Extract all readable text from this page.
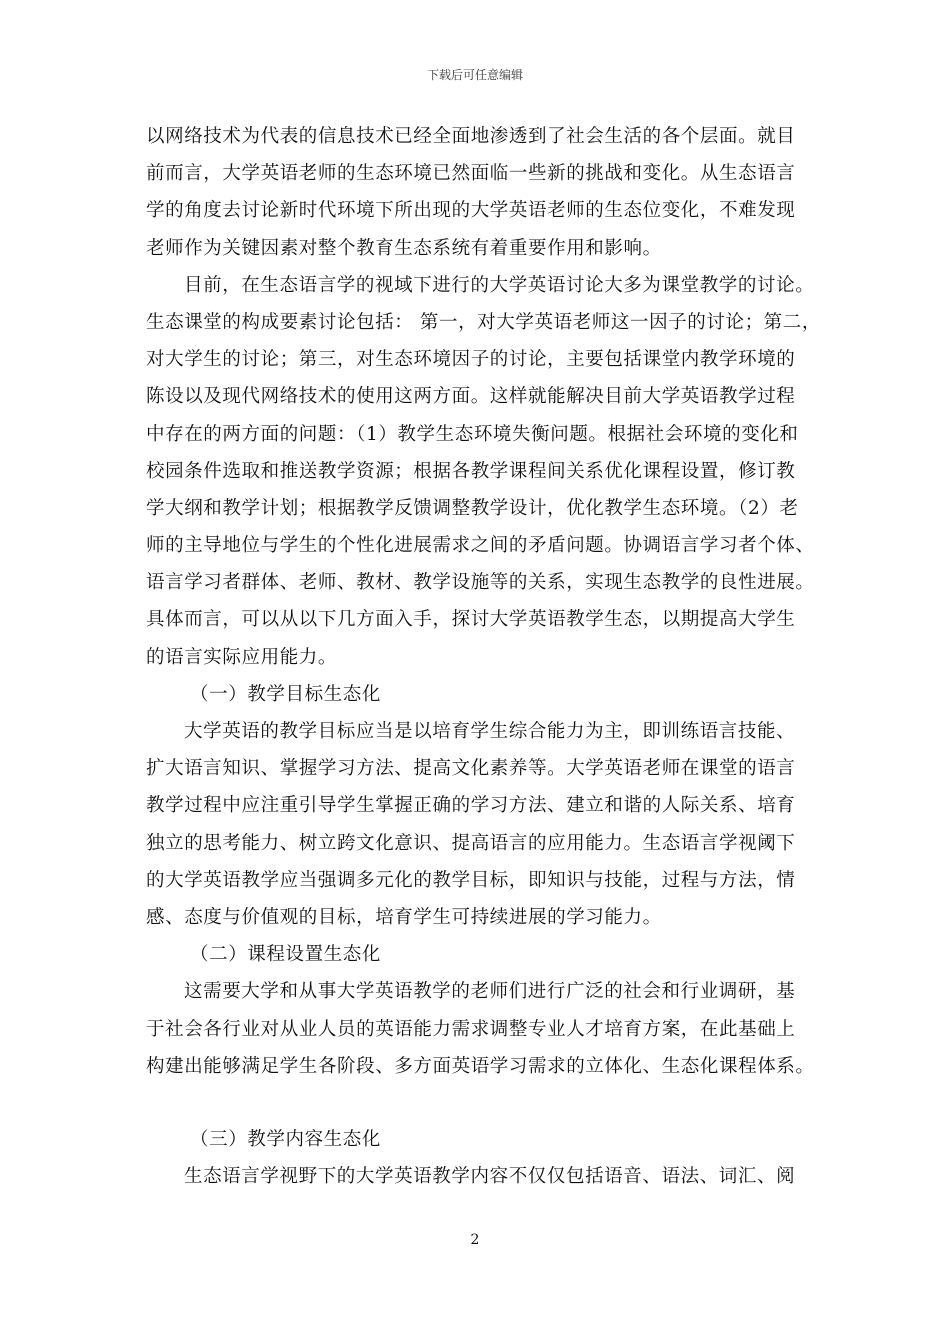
下载后可任意编辑
以网络技术为代表的信息技术已经全面地渗透到了社会生活的各个层面。就目
前而言，大学英语老师的生态环境已然面临一些新的挑战和变化。从生态语言
学的角度去讨论新时代环境下所出现的大学英语老师的生态位变化，不难发现
老师作为关键因素对整个教育生态系统有着重要作用和影响。
目前，在生态语言学的视域下进行的大学英语讨论大多为课堂教学的讨论。
生态课堂的构成要素讨论包括： 第一，对大学英语老师这一因子的讨论；第二，
对大学生的讨论；第三，对生态环境因子的讨论，主要包括课堂内教学环境的
陈设以及现代网络技术的使用这两方面。这样就能解决目前大学英语教学过程
中存在的两方面的问题：（1）教学生态环境失衡问题。根据社会环境的变化和
校园条件选取和推送教学资源；根据各教学课程间关系优化课程设置，修订教
学大纲和教学计划；根据教学反馈调整教学设计，优化教学生态环境。（2）老
师的主导地位与学生的个性化进展需求之间的矛盾问题。协调语言学习者个体、
语言学习者群体、老师、教材、教学设施等的关系，实现生态教学的良性进展。
具体而言，可以从以下几方面入手，探讨大学英语教学生态，以期提高大学生
的语言实际应用能力。
（一）教学目标生态化
大学英语的教学目标应当是以培育学生综合能力为主，即训练语言技能、
扩大语言知识、掌握学习方法、提高文化素养等。大学英语老师在课堂的语言
教学过程中应注重引导学生掌握正确的学习方法、建立和谐的人际关系、培育
独立的思考能力、树立跨文化意识、提高语言的应用能力。生态语言学视阈下
的大学英语教学应当强调多元化的教学目标，即知识与技能，过程与方法，情
感、态度与价值观的目标，培育学生可持续进展的学习能力。
（二）课程设置生态化
这需要大学和从事大学英语教学的老师们进行广泛的社会和行业调研，基
于社会各行业对从业人员的英语能力需求调整专业人才培育方案，在此基础上
构建出能够满足学生各阶段、多方面英语学习需求的立体化、生态化课程体系。
（三）教学内容生态化
生态语言学视野下的大学英语教学内容不仅仅包括语音、语法、词汇、阅
2
